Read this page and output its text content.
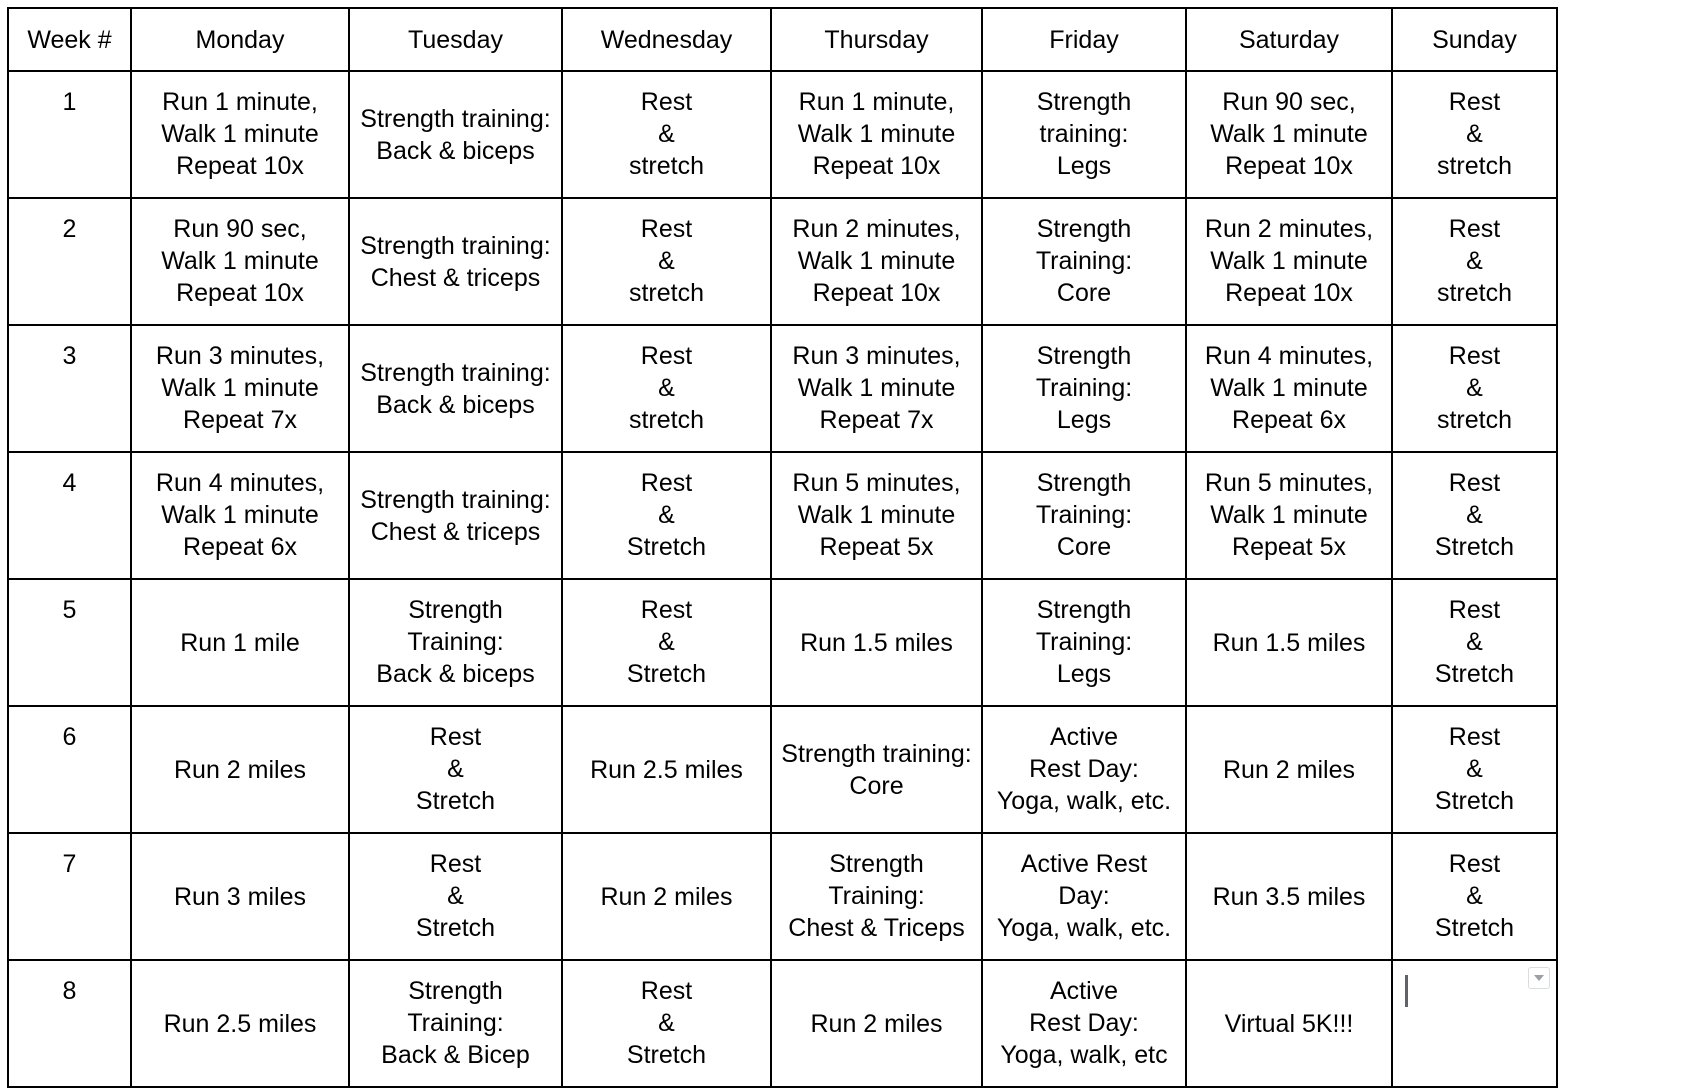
Week #	Monday	Tuesday	Wednesday	Thursday	Friday	Saturday	Sunday
1	Run 1 minute,
Walk 1 minute
Repeat 10x	Strength training:
Back & biceps	Rest
&
stretch	Run 1 minute,
Walk 1 minute
Repeat 10x	Strength
training:
Legs	Run 90 sec,
Walk 1 minute
Repeat 10x	Rest
&
stretch
2	Run 90 sec,
Walk 1 minute
Repeat 10x	Strength training:
Chest & triceps	Rest
&
stretch	Run 2 minutes,
Walk 1 minute
Repeat 10x	Strength
Training:
Core	Run 2 minutes,
Walk 1 minute
Repeat 10x	Rest
&
stretch
3	Run 3 minutes,
Walk 1 minute
Repeat 7x	Strength training:
Back & biceps	Rest
&
stretch	Run 3 minutes,
Walk 1 minute
Repeat 7x	Strength
Training:
Legs	Run 4 minutes,
Walk 1 minute
Repeat 6x	Rest
&
stretch
4	Run 4 minutes,
Walk 1 minute
Repeat 6x	Strength training:
Chest & triceps	Rest
&
Stretch	Run 5 minutes,
Walk 1 minute
Repeat 5x	Strength
Training:
Core	Run 5 minutes,
Walk 1 minute
Repeat 5x	Rest
&
Stretch
5	Run 1 mile	Strength
Training:
Back & biceps	Rest
&
Stretch	Run 1.5 miles	Strength
Training:
Legs	Run 1.5 miles	Rest
&
Stretch
6	Run 2 miles	Rest
&
Stretch	Run 2.5 miles	Strength training:
Core	Active
Rest Day:
Yoga, walk, etc.	Run 2 miles	Rest
&
Stretch
7	Run 3 miles	Rest
&
Stretch	Run 2 miles	Strength
Training:
Chest & Triceps	Active Rest
Day:
Yoga, walk, etc.	Run 3.5 miles	Rest
&
Stretch
8	Run 2.5 miles	Strength
Training:
Back & Bicep	Rest
&
Stretch	Run 2 miles	Active
Rest Day:
Yoga, walk, etc	Virtual 5K!!!	
